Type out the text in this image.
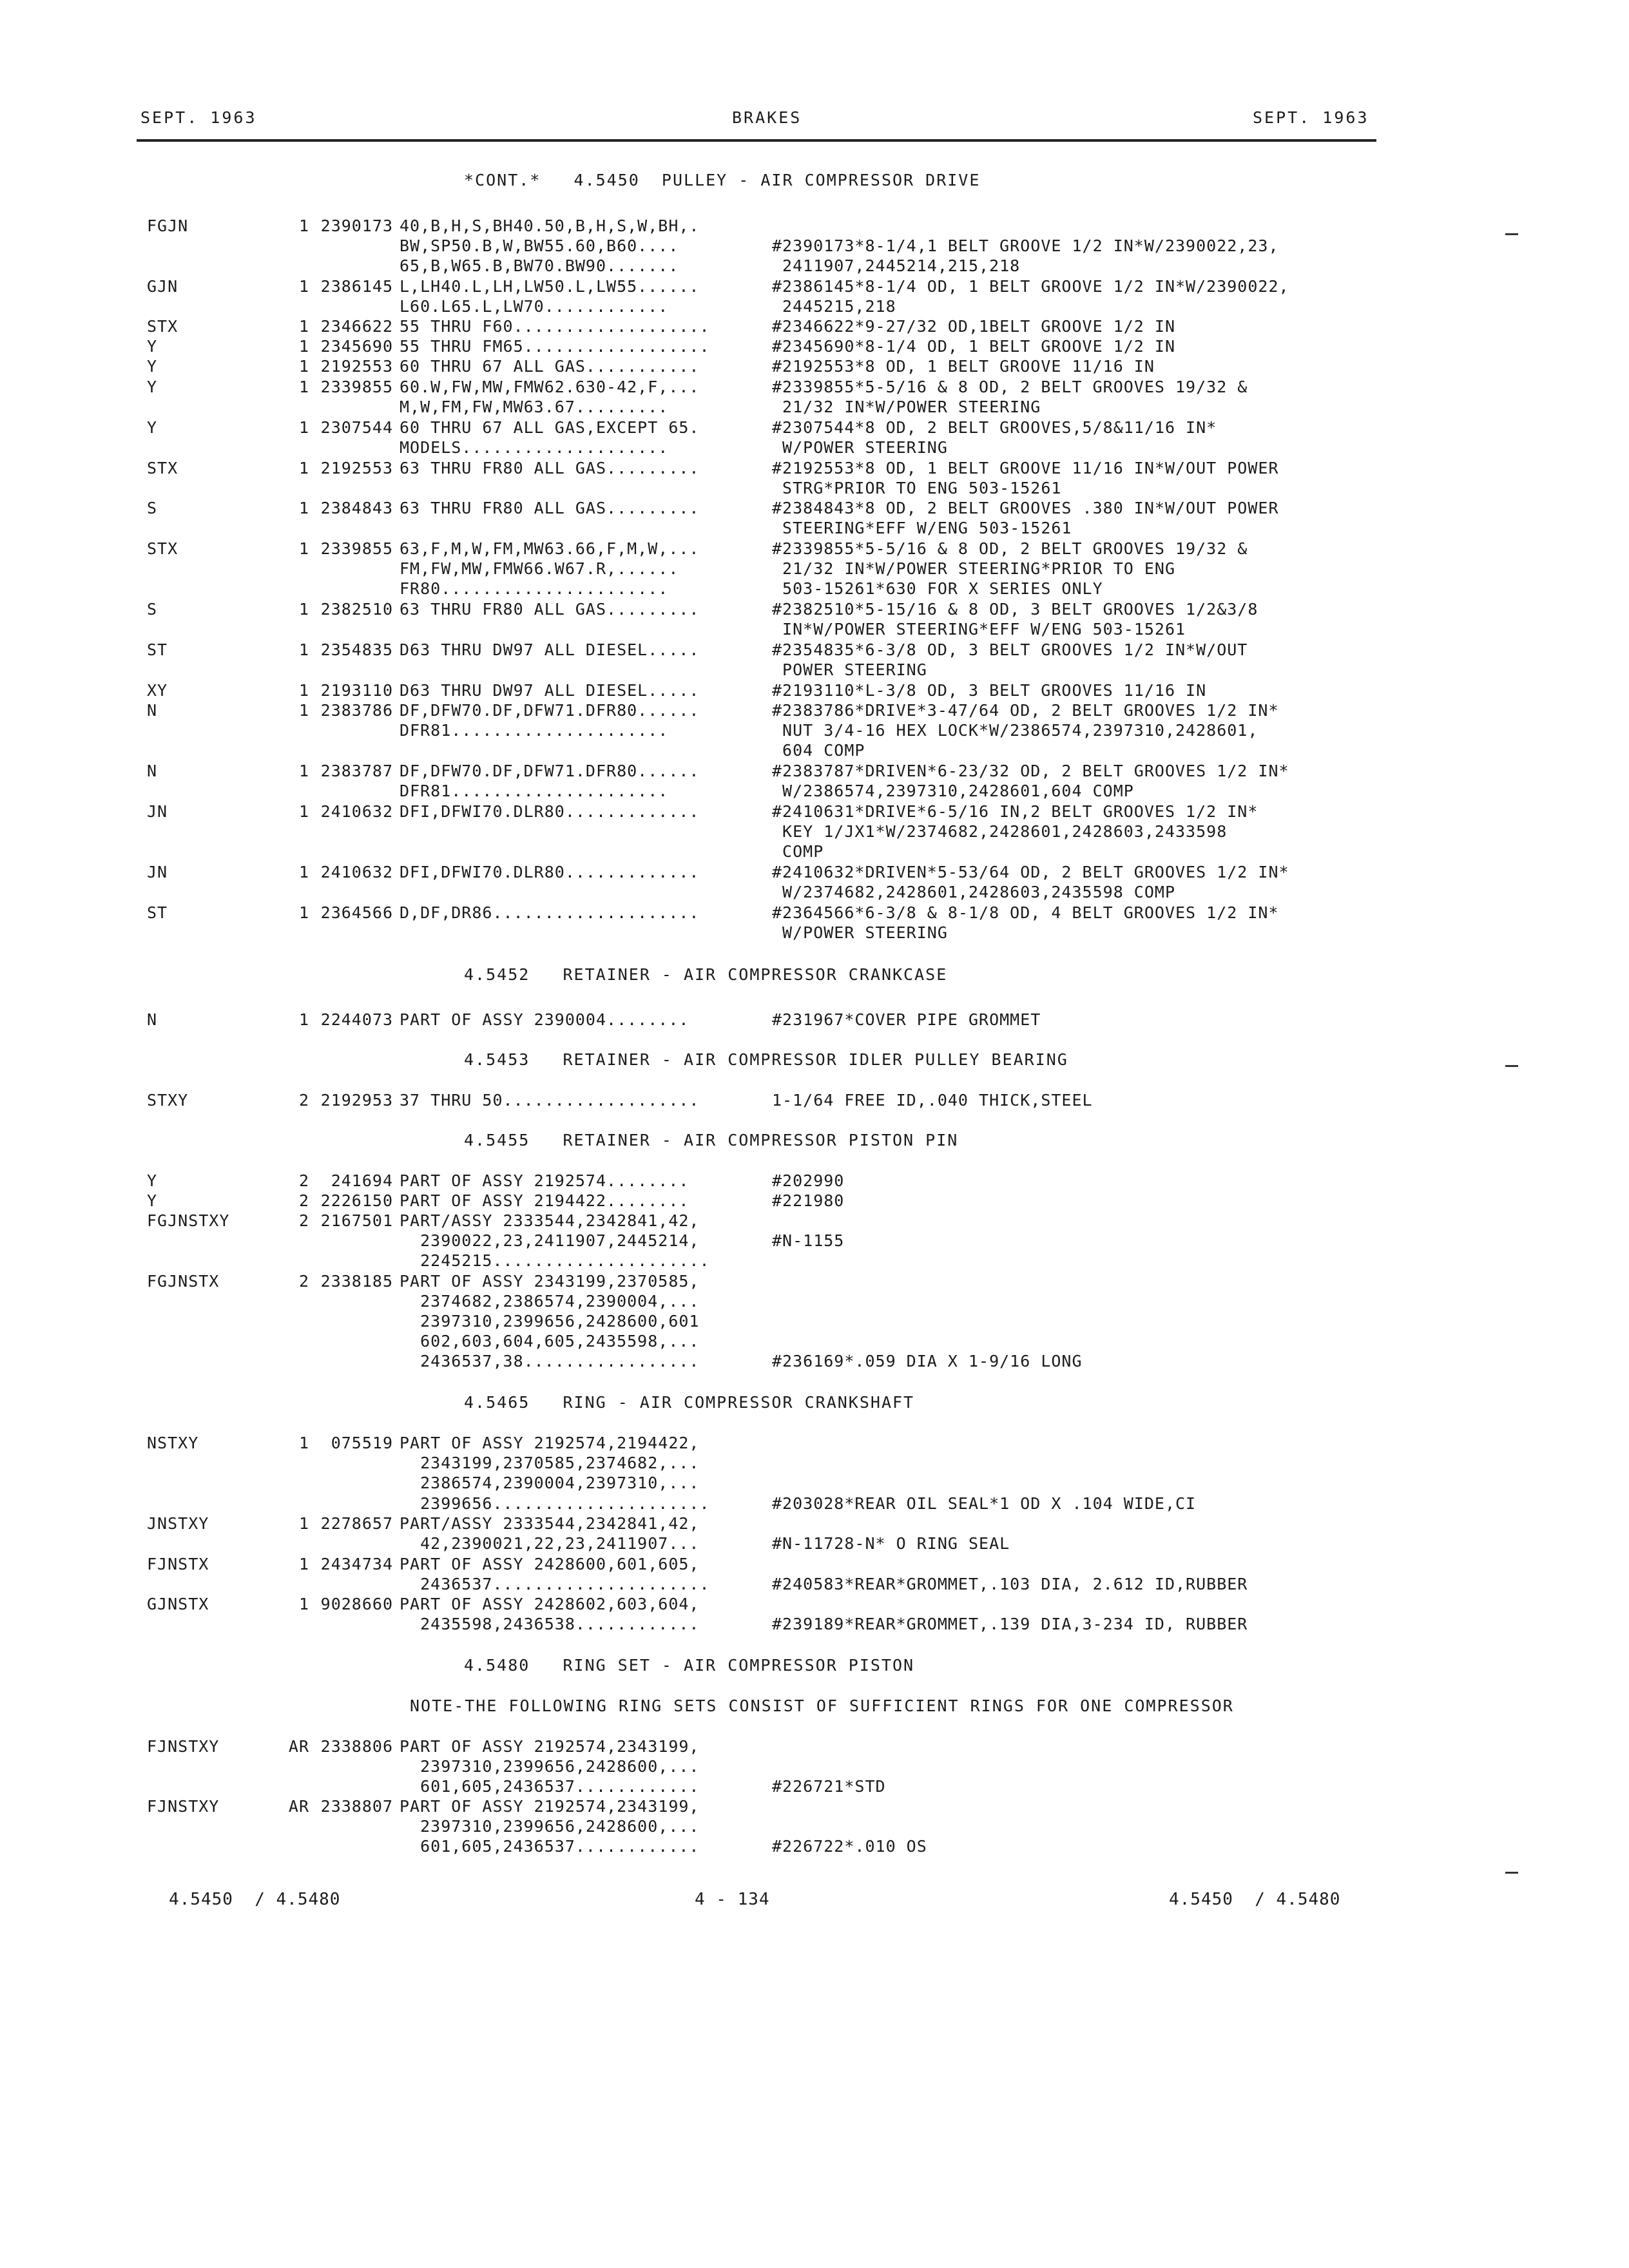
SEPT. 1963	BRAKES	SEPT. 1963
*CONT.*   4.5450  PULLEY - AIR COMPRESSOR DRIVE
FGJN	1 2390173 40,B,H,S,BH40.50,B,H,S,W,BH,.
BW,SP50.B,W,BW55.60,B60....	#2390173*8-1/4,1 BELT GROOVE 1/2 IN*W/2390022,23,
65,B,W65.B,BW70.BW90.......	2411907,2445214,215,218
GJN	1 2386145 L,LH40.L,LH,LW50.L,LW55......	#2386145*8-1/4 OD, 1 BELT GROOVE 1/2 IN*W/2390022,
L60.L65.L,LW70............	2445215,218
STX	1 2346622 55 THRU F60...................	#2346622*9-27/32 OD,1BELT GROOVE 1/2 IN
Y	1 2345690 55 THRU FM65..................	#2345690*8-1/4 OD, 1 BELT GROOVE 1/2 IN
Y	1 2192553 60 THRU 67 ALL GAS...........	#2192553*8 OD, 1 BELT GROOVE 11/16 IN
Y	1 2339855 60.W,FW,MW,FMW62.630-42,F,...	#2339855*5-5/16 & 8 OD, 2 BELT GROOVES 19/32 &
M,W,FM,FW,MW63.67.........	21/32 IN*W/POWER STEERING
Y	1 2307544 60 THRU 67 ALL GAS,EXCEPT 65.	#2307544*8 OD, 2 BELT GROOVES,5/8&11/16 IN*
MODELS....................	W/POWER STEERING
STX	1 2192553 63 THRU FR80 ALL GAS.........	#2192553*8 OD, 1 BELT GROOVE 11/16 IN*W/OUT POWER
STRG*PRIOR TO ENG 503-15261
S	1 2384843 63 THRU FR80 ALL GAS.........	#2384843*8 OD, 2 BELT GROOVES .380 IN*W/OUT POWER
STEERING*EFF W/ENG 503-15261
STX	1 2339855 63,F,M,W,FM,MW63.66,F,M,W,...	#2339855*5-5/16 & 8 OD, 2 BELT GROOVES 19/32 &
FM,FW,MW,FMW66.W67.R,......	21/32 IN*W/POWER STEERING*PRIOR TO ENG
FR80......................	503-15261*630 FOR X SERIES ONLY
S	1 2382510 63 THRU FR80 ALL GAS.........	#2382510*5-15/16 & 8 OD, 3 BELT GROOVES 1/2&3/8
IN*W/POWER STEERING*EFF W/ENG 503-15261
ST	1 2354835 D63 THRU DW97 ALL DIESEL.....	#2354835*6-3/8 OD, 3 BELT GROOVES 1/2 IN*W/OUT
POWER STEERING
XY	1 2193110 D63 THRU DW97 ALL DIESEL.....	#2193110*L-3/8 OD, 3 BELT GROOVES 11/16 IN
N	1 2383786 DF,DFW70.DF,DFW71.DFR80......	#2383786*DRIVE*3-47/64 OD, 2 BELT GROOVES 1/2 IN*
DFR81.....................	NUT 3/4-16 HEX LOCK*W/2386574,2397310,2428601,
604 COMP
N	1 2383787 DF,DFW70.DF,DFW71.DFR80......	#2383787*DRIVEN*6-23/32 OD, 2 BELT GROOVES 1/2 IN*
DFR81.....................	W/2386574,2397310,2428601,604 COMP
JN	1 2410632 DFI,DFWI70.DLR80.............	#2410631*DRIVE*6-5/16 IN,2 BELT GROOVES 1/2 IN*
KEY 1/JX1*W/2374682,2428601,2428603,2433598
COMP
JN	1 2410632 DFI,DFWI70.DLR80.............	#2410632*DRIVEN*5-53/64 OD, 2 BELT GROOVES 1/2 IN*
W/2374682,2428601,2428603,2435598 COMP
ST	1 2364566 D,DF,DR86....................	#2364566*6-3/8 & 8-1/8 OD, 4 BELT GROOVES 1/2 IN*
W/POWER STEERING
4.5452   RETAINER - AIR COMPRESSOR CRANKCASE
N	1 2244073 PART OF ASSY 2390004........	#231967*COVER PIPE GROMMET
4.5453   RETAINER - AIR COMPRESSOR IDLER PULLEY BEARING
STXY	2 2192953 37 THRU 50...................	1-1/64 FREE ID,.040 THICK,STEEL
4.5455   RETAINER - AIR COMPRESSOR PISTON PIN
Y	2	241694 PART OF ASSY 2192574........	#202990
Y	2 2226150 PART OF ASSY 2194422........	#221980
FGJNSTXY	2 2167501 PART/ASSY 2333544,2342841,42,
2390022,23,2411907,2445214,	#N-1155
2245215.....................
FGJNSTX	2 2338185 PART OF ASSY 2343199,2370585,
2374682,2386574,2390004,...
2397310,2399656,2428600,601
602,603,604,605,2435598,...
2436537,38.................	#236169*.059 DIA X 1-9/16 LONG
4.5465   RING - AIR COMPRESSOR CRANKSHAFT
NSTXY	1	075519 PART OF ASSY 2192574,2194422,
2343199,2370585,2374682,...
2386574,2390004,2397310,...
2399656.....................	#203028*REAR OIL SEAL*1 OD X .104 WIDE,CI
JNSTXY	1 2278657 PART/ASSY 2333544,2342841,42,
42,2390021,22,23,2411907...	#N-11728-N* O RING SEAL
FJNSTX	1 2434734 PART OF ASSY 2428600,601,605,
2436537.....................	#240583*REAR*GROMMET,.103 DIA, 2.612 ID,RUBBER
GJNSTX	1 9028660 PART OF ASSY 2428602,603,604,
2435598,2436538............	#239189*REAR*GROMMET,.139 DIA,3-234 ID, RUBBER
4.5480   RING SET - AIR COMPRESSOR PISTON
NOTE-THE FOLLOWING RING SETS CONSIST OF SUFFICIENT RINGS FOR ONE COMPRESSOR
FJNSTXY	AR 2338806 PART OF ASSY 2192574,2343199,
2397310,2399656,2428600,...
601,605,2436537............	#226721*STD
FJNSTXY	AR 2338807 PART OF ASSY 2192574,2343199,
2397310,2399656,2428600,...
601,605,2436537............	#226722*.010 OS
4.5450  / 4.5480	4 - 134	4.5450  / 4.5480
